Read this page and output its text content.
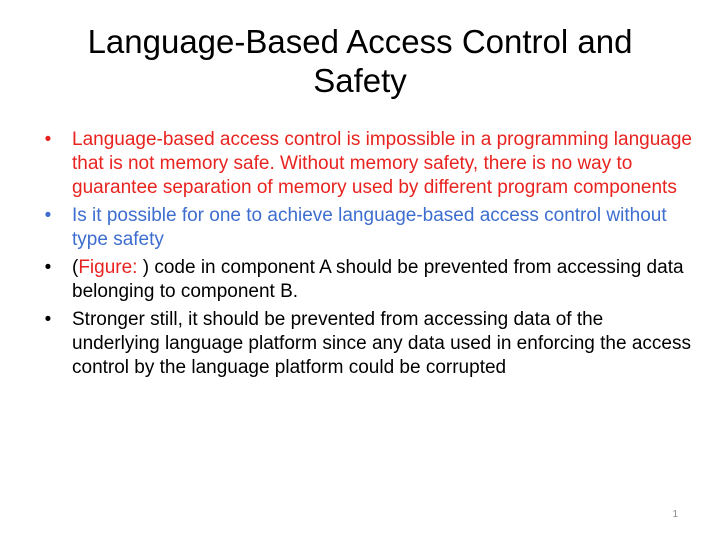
Language-Based Access Control and Safety
• Language-based access control is impossible in a programming language that is not memory safe. Without memory safety, there is no way to guarantee separation of memory used by different program components
• Is it possible for one to achieve language-based access control without type safety
• (Figure: ) code in component A should be prevented from accessing data belonging to component B.
• Stronger still, it should be prevented from accessing data of the underlying language platform since any data used in enforcing the access control by the language platform could be corrupted
1
